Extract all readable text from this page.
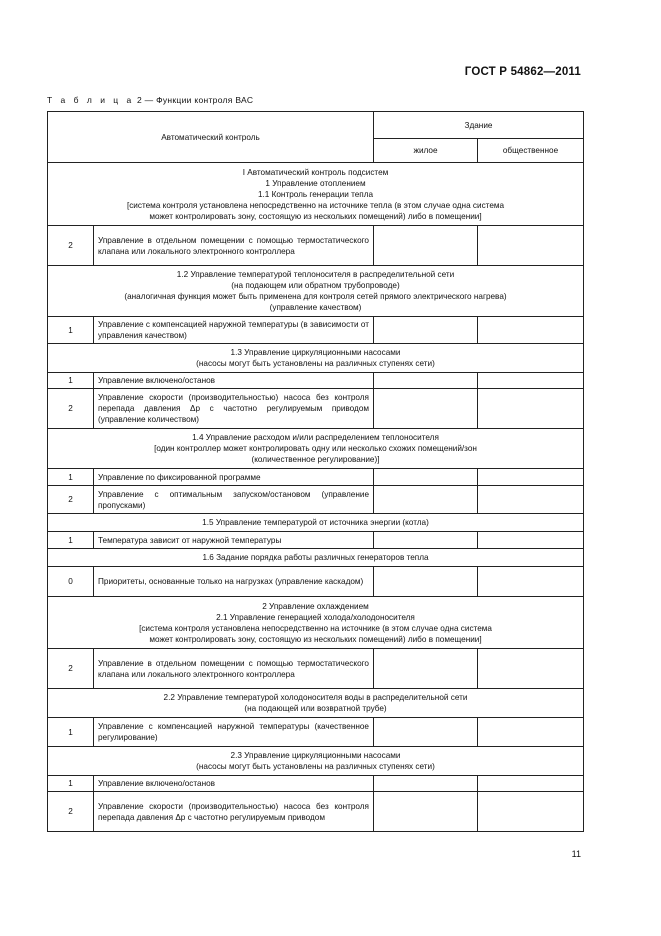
ГОСТ Р 54862—2011
Т а б л и ц а 2 — Функции контроля ВАС
Автоматический контроль		Здание	
		жилое	общественное

I Автоматический контроль подсистем
1 Управление отоплением
1.1 Контроль генерации тепла
[система контроля установлена непосредственно на источнике тепла (в этом случае одна система
может контролировать зону, состоящую из нескольких помещений) либо в помещении]			

2	Управление в отдельном помещении с помощью термостатического клапана или локального электронного контроллера		

1.2 Управление температурой теплоносителя в распределительной сети
(на подающем или обратном трубопроводе)
(аналогичная функция может быть применена для контроля сетей прямого электрического нагрева)
(управление качеством)			

1	Управление с компенсацией наружной температуры (в зависимости от управления качеством)		

1.3 Управление циркуляционными насосами
(насосы могут быть установлены на различных ступенях сети)			

1	Управление включено/останов		
2	Управление скорости (производительностью) насоса без контроля перепада давления Δp с частотно регулируемым приводом (управление количеством)		

1.4 Управление расходом и/или распределением теплоносителя
[один контроллер может контролировать одну или несколько схожих помещений/зон
(количественное регулирование)]			

1	Управление по фиксированной программе		
2	Управление с оптимальным запуском/остановом (управление пропусками)		

1.5 Управление температурой от источника энергии (котла)			

1	Температура зависит от наружной температуры		

1.6 Задание порядка работы различных генераторов тепла			

0	Приоритеты, основанные только на нагрузках (управление каскадом)		

2 Управление охлаждением
2.1 Управление генерацией холода/холодоносителя
[система контроля установлена непосредственно на источнике (в этом случае одна система
может контролировать зону, состоящую из нескольких помещений) либо в помещении]			

2	Управление в отдельном помещении с помощью термостатического клапана или локального электронного контроллера		

2.2 Управление температурой холодоносителя воды в распределительной сети
(на подающей или возвратной трубе)			

1	Управление с компенсацией наружной температуры (качественное регулирование)		

2.3 Управление циркуляционными насосами
(насосы могут быть установлены на различных ступенях сети)			

1	Управление включено/останов		
2	Управление скорости (производительностью) насоса без контроля перепада давления Δp с частотно регулируемым приводом		
11
